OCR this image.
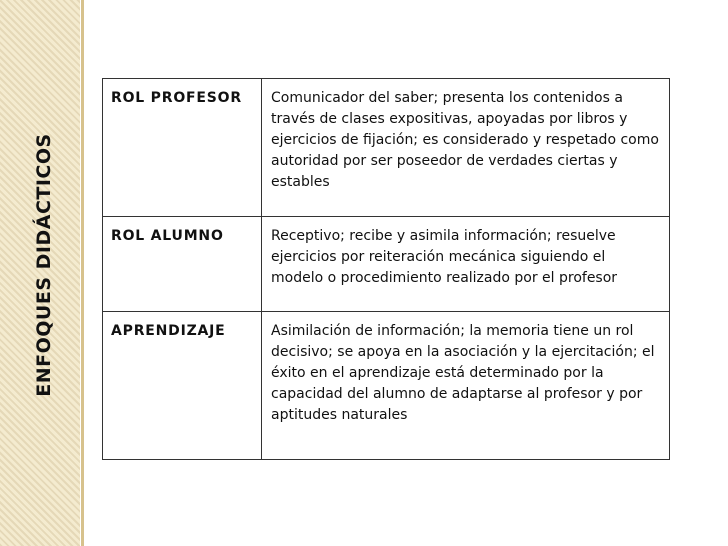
ENFOQUES DIDÁCTICOS
ROL PROFESOR	Comunicador del saber; presenta los contenidos a través de clases expositivas, apoyadas por libros y ejercicios de fijación; es considerado y respetado como autoridad por ser poseedor de verdades ciertas y estables
ROL ALUMNO	Receptivo; recibe y asimila información; resuelve ejercicios por reiteración mecánica siguiendo el modelo o procedimiento realizado por el profesor
APRENDIZAJE	Asimilación de información; la memoria tiene un rol decisivo; se apoya en la asociación y la ejercitación; el éxito en el aprendizaje está determinado por la capacidad del alumno de adaptarse al profesor y por aptitudes naturales
